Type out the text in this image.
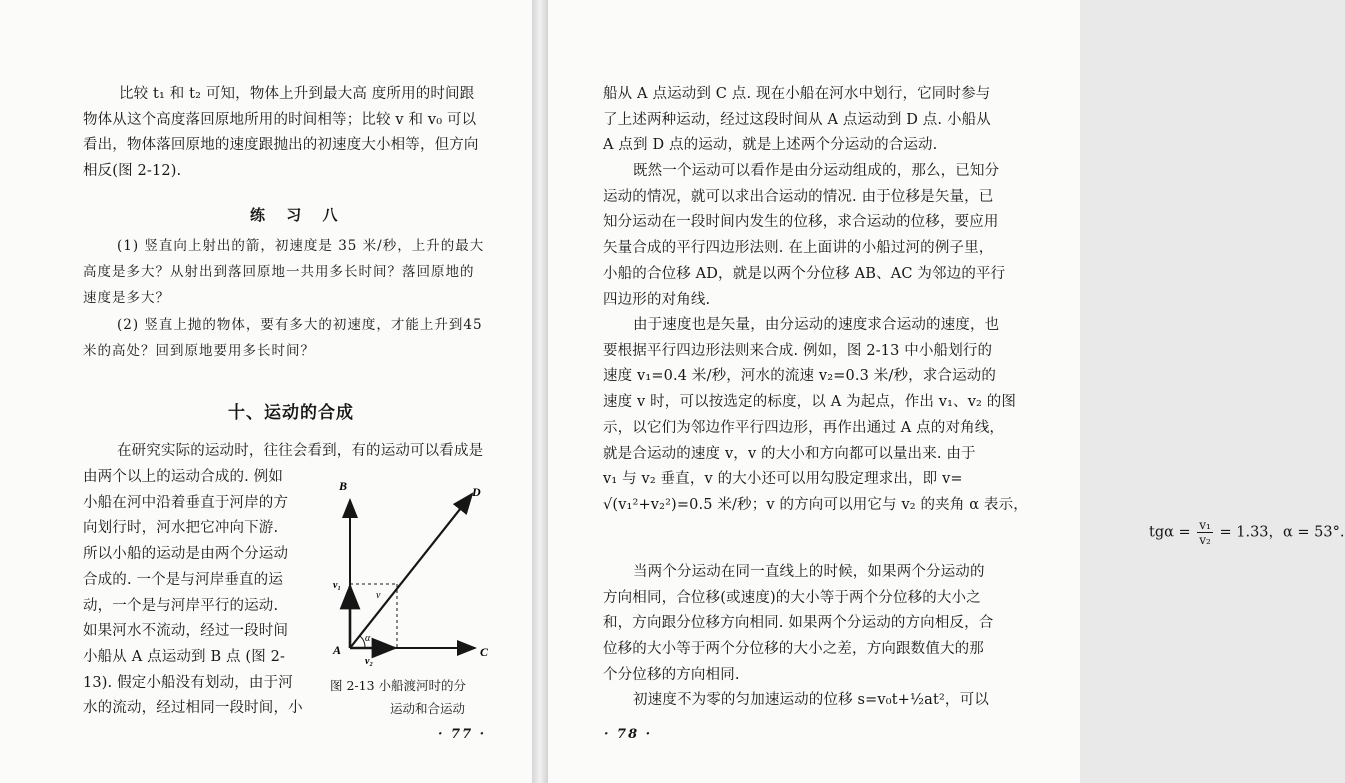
比较 t₁ 和 t₂ 可知，物体上升到最大高 度所用的时间跟
物体从这个高度落回原地所用的时间相等；比较 v 和 v₀ 可以
看出，物体落回原地的速度跟抛出的初速度大小相等，但方向
相反(图 2-12).

练 习 八

(1) 竖直向上射出的箭，初速度是 35 米/秒，上升的最大
高度是多大？从射出到落回原地一共用多长时间？落回原地的
速度是多大？

(2) 竖直上抛的物体，要有多大的初速度，才能上升到45
米的高处？回到原地要用多长时间？

十、运动的合成

在研究实际的运动时，往往会看到，有的运动可以看成是

由两个以上的运动合成的. 例如
小船在河中沿着垂直于河岸的方
向划行时，河水把它冲向下游.
所以小船的运动是由两个分运动
合成的. 一个是与河岸垂直的运
动，一个是与河岸平行的运动.
如果河水不流动，经过一段时间
小船从 A 点运动到 B 点 (图 2-
13). 假定小船没有划动，由于河
水的流动，经过相同一段时间，小

B	D
A	C
v₁
v₂
v
α

图 2-13 小船渡河时的分

运动和合运动

· 77 ·

船从 A 点运动到 C 点. 现在小船在河水中划行，它同时参与
了上述两种运动，经过这段时间从 A 点运动到 D 点. 小船从
A 点到 D 点的运动，就是上述两个分运动的合运动.

既然一个运动可以看作是由分运动组成的，那么，已知分
运动的情况，就可以求出合运动的情况. 由于位移是矢量，已
知分运动在一段时间内发生的位移，求合运动的位移，要应用
矢量合成的平行四边形法则. 在上面讲的小船过河的例子里，
小船的合位移 AD，就是以两个分位移 AB、AC 为邻边的平行
四边形的对角线.

由于速度也是矢量，由分运动的速度求合运动的速度，也
要根据平行四边形法则来合成. 例如，图 2-13 中小船划行的
速度 v₁=0.4 米/秒，河水的流速 v₂=0.3 米/秒，求合运动的
速度 v 时，可以按选定的标度，以 A 为起点，作出 v₁、v₂ 的图
示，以它们为邻边作平行四边形，再作出通过 A 点的对角线，
就是合运动的速度 v，v 的大小和方向都可以量出来. 由于
v₁ 与 v₂ 垂直，v 的大小还可以用勾股定理求出，即 v=
√(v₁²+v₂²)=0.5 米/秒；v 的方向可以用它与 v₂ 的夹角 α 表示，

$tg\alpha = \frac{\text{v₁}}{\text{v₂}} = 1.33$，α = 53°.

当两个分运动在同一直线上的时候，如果两个分运动的
方向相同，合位移(或速度)的大小等于两个分位移的大小之
和，方向跟分位移方向相同. 如果两个分运动的方向相反，合
位移的大小等于两个分位移的大小之差，方向跟数值大的那
个分位移的方向相同.

初速度不为零的匀加速运动的位移 s=v₀t+½at²，可以

· 78 ·
